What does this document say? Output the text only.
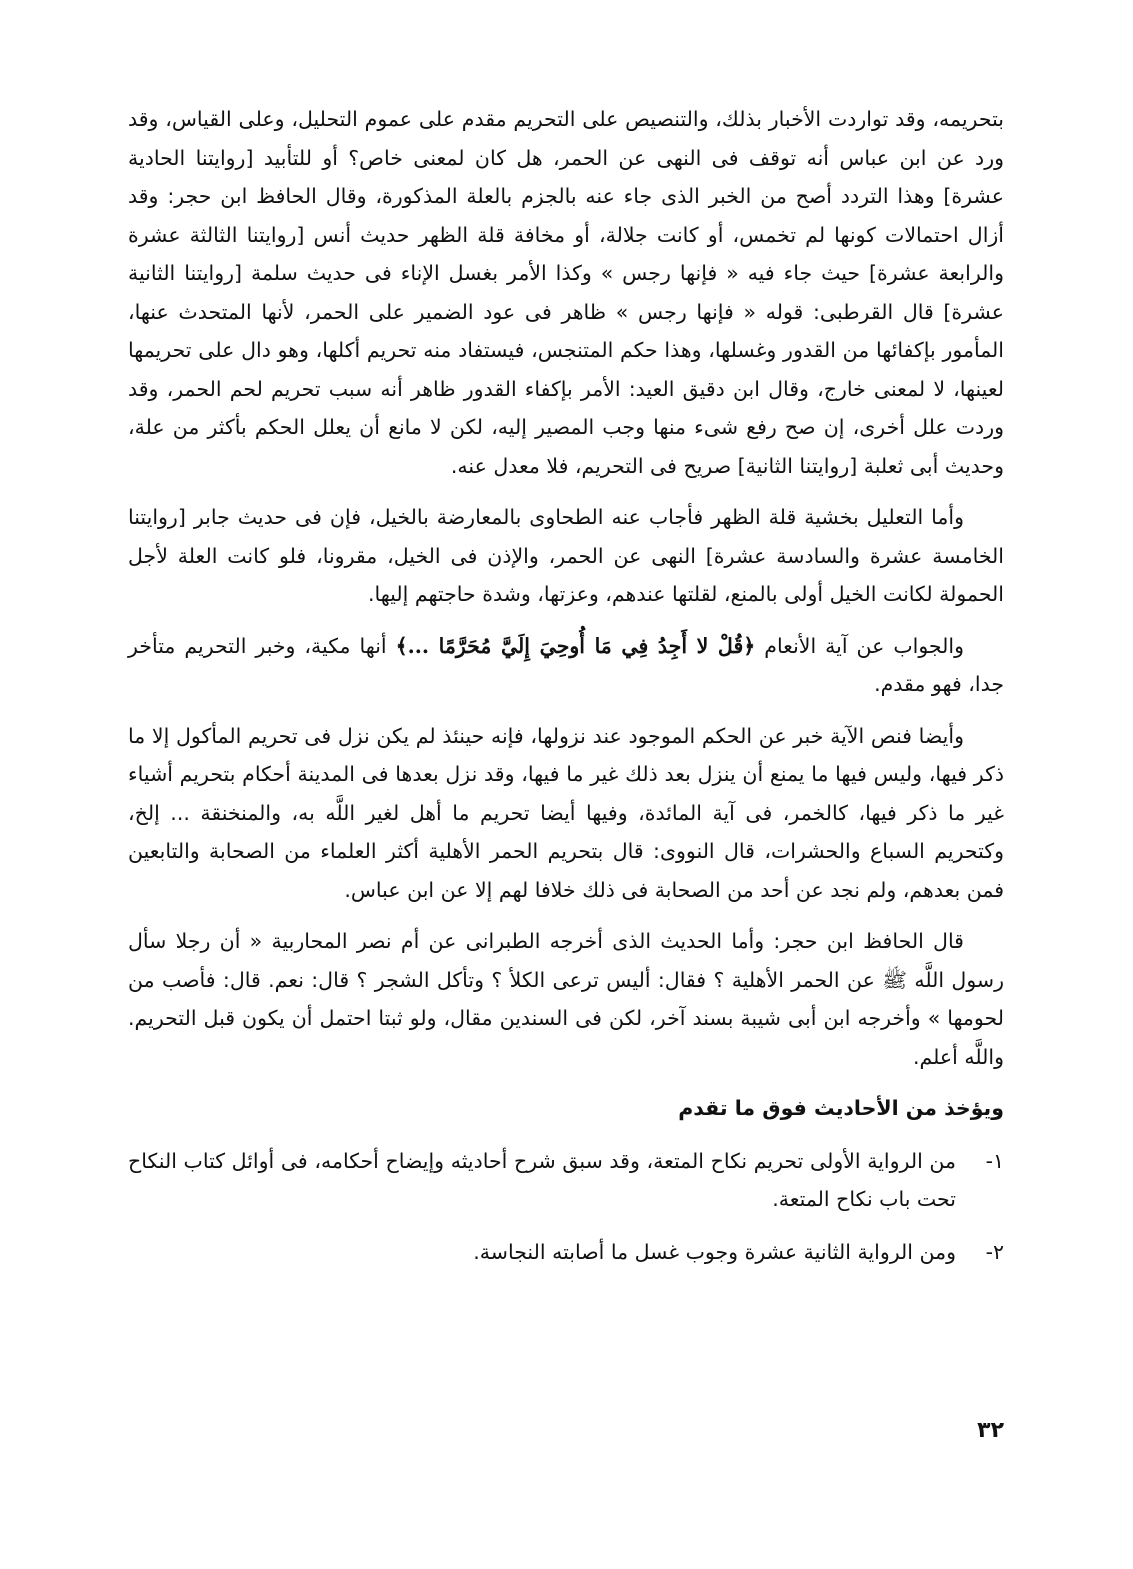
بتحريمه، وقد تواردت الأخبار بذلك، والتنصيص على التحريم مقدم على عموم التحليل، وعلى القياس، وقد ورد عن ابن عباس أنه توقف فى النهى عن الحمر، هل كان لمعنى خاص؟ أو للتأبيد [روايتنا الحادية عشرة] وهذا التردد أصح من الخبر الذى جاء عنه بالجزم بالعلة المذكورة، وقال الحافظ ابن حجر: وقد أزال احتمالات كونها لم تخمس، أو كانت جلالة، أو مخافة قلة الظهر حديث أنس [روايتنا الثالثة عشرة والرابعة عشرة] حيث جاء فيه « فإنها رجس » وكذا الأمر بغسل الإناء فى حديث سلمة [روايتنا الثانية عشرة] قال القرطبى: قوله « فإنها رجس » ظاهر فى عود الضمير على الحمر، لأنها المتحدث عنها، المأمور بإكفائها من القدور وغسلها، وهذا حكم المتنجس، فيستفاد منه تحريم أكلها، وهو دال على تحريمها لعينها، لا لمعنى خارج، وقال ابن دقيق العيد: الأمر بإكفاء القدور ظاهر أنه سبب تحريم لحم الحمر، وقد وردت علل أخرى، إن صح رفع شىء منها وجب المصير إليه، لكن لا مانع أن يعلل الحكم بأكثر من علة، وحديث أبى ثعلبة [روايتنا الثانية] صريح فى التحريم، فلا معدل عنه.

وأما التعليل بخشية قلة الظهر فأجاب عنه الطحاوى بالمعارضة بالخيل، فإن فى حديث جابر [روايتنا الخامسة عشرة والسادسة عشرة] النهى عن الحمر، والإذن فى الخيل، مقرونا، فلو كانت العلة لأجل الحمولة لكانت الخيل أولى بالمنع، لقلتها عندهم، وعزتها، وشدة حاجتهم إليها.

والجواب عن آية الأنعام ﴿قُلْ لا أَجِدُ فِي مَا أُوحِيَ إِلَيَّ مُحَرَّمًا ...﴾ أنها مكية، وخبر التحريم متأخر جدا، فهو مقدم.

وأيضا فنص الآية خبر عن الحكم الموجود عند نزولها، فإنه حينئذ لم يكن نزل فى تحريم المأكول إلا ما ذكر فيها، وليس فيها ما يمنع أن ينزل بعد ذلك غير ما فيها، وقد نزل بعدها فى المدينة أحكام بتحريم أشياء غير ما ذكر فيها، كالخمر، فى آية المائدة، وفيها أيضا تحريم ما أهل لغير اللَّه به، والمنخنقة ... إلخ، وكتحريم السباع والحشرات، قال النووى: قال بتحريم الحمر الأهلية أكثر العلماء من الصحابة والتابعين فمن بعدهم، ولم نجد عن أحد من الصحابة فى ذلك خلافا لهم إلا عن ابن عباس.

قال الحافظ ابن حجر: وأما الحديث الذى أخرجه الطبرانى عن أم نصر المحاربية « أن رجلا سأل رسول اللَّه ﷺ عن الحمر الأهلية ؟ فقال: أليس ترعى الكلأ ؟ وتأكل الشجر ؟ قال: نعم. قال: فأصب من لحومها » وأخرجه ابن أبى شيبة بسند آخر، لكن فى السندين مقال، ولو ثبتا احتمل أن يكون قبل التحريم. واللَّه أعلم.

ويؤخذ من الأحاديث فوق ما تقدم
١-
من الرواية الأولى تحريم نكاح المتعة، وقد سبق شرح أحاديثه وإيضاح أحكامه، فى أوائل كتاب النكاح تحت باب نكاح المتعة.
٢-
ومن الرواية الثانية عشرة وجوب غسل ما أصابته النجاسة.
٣٢
